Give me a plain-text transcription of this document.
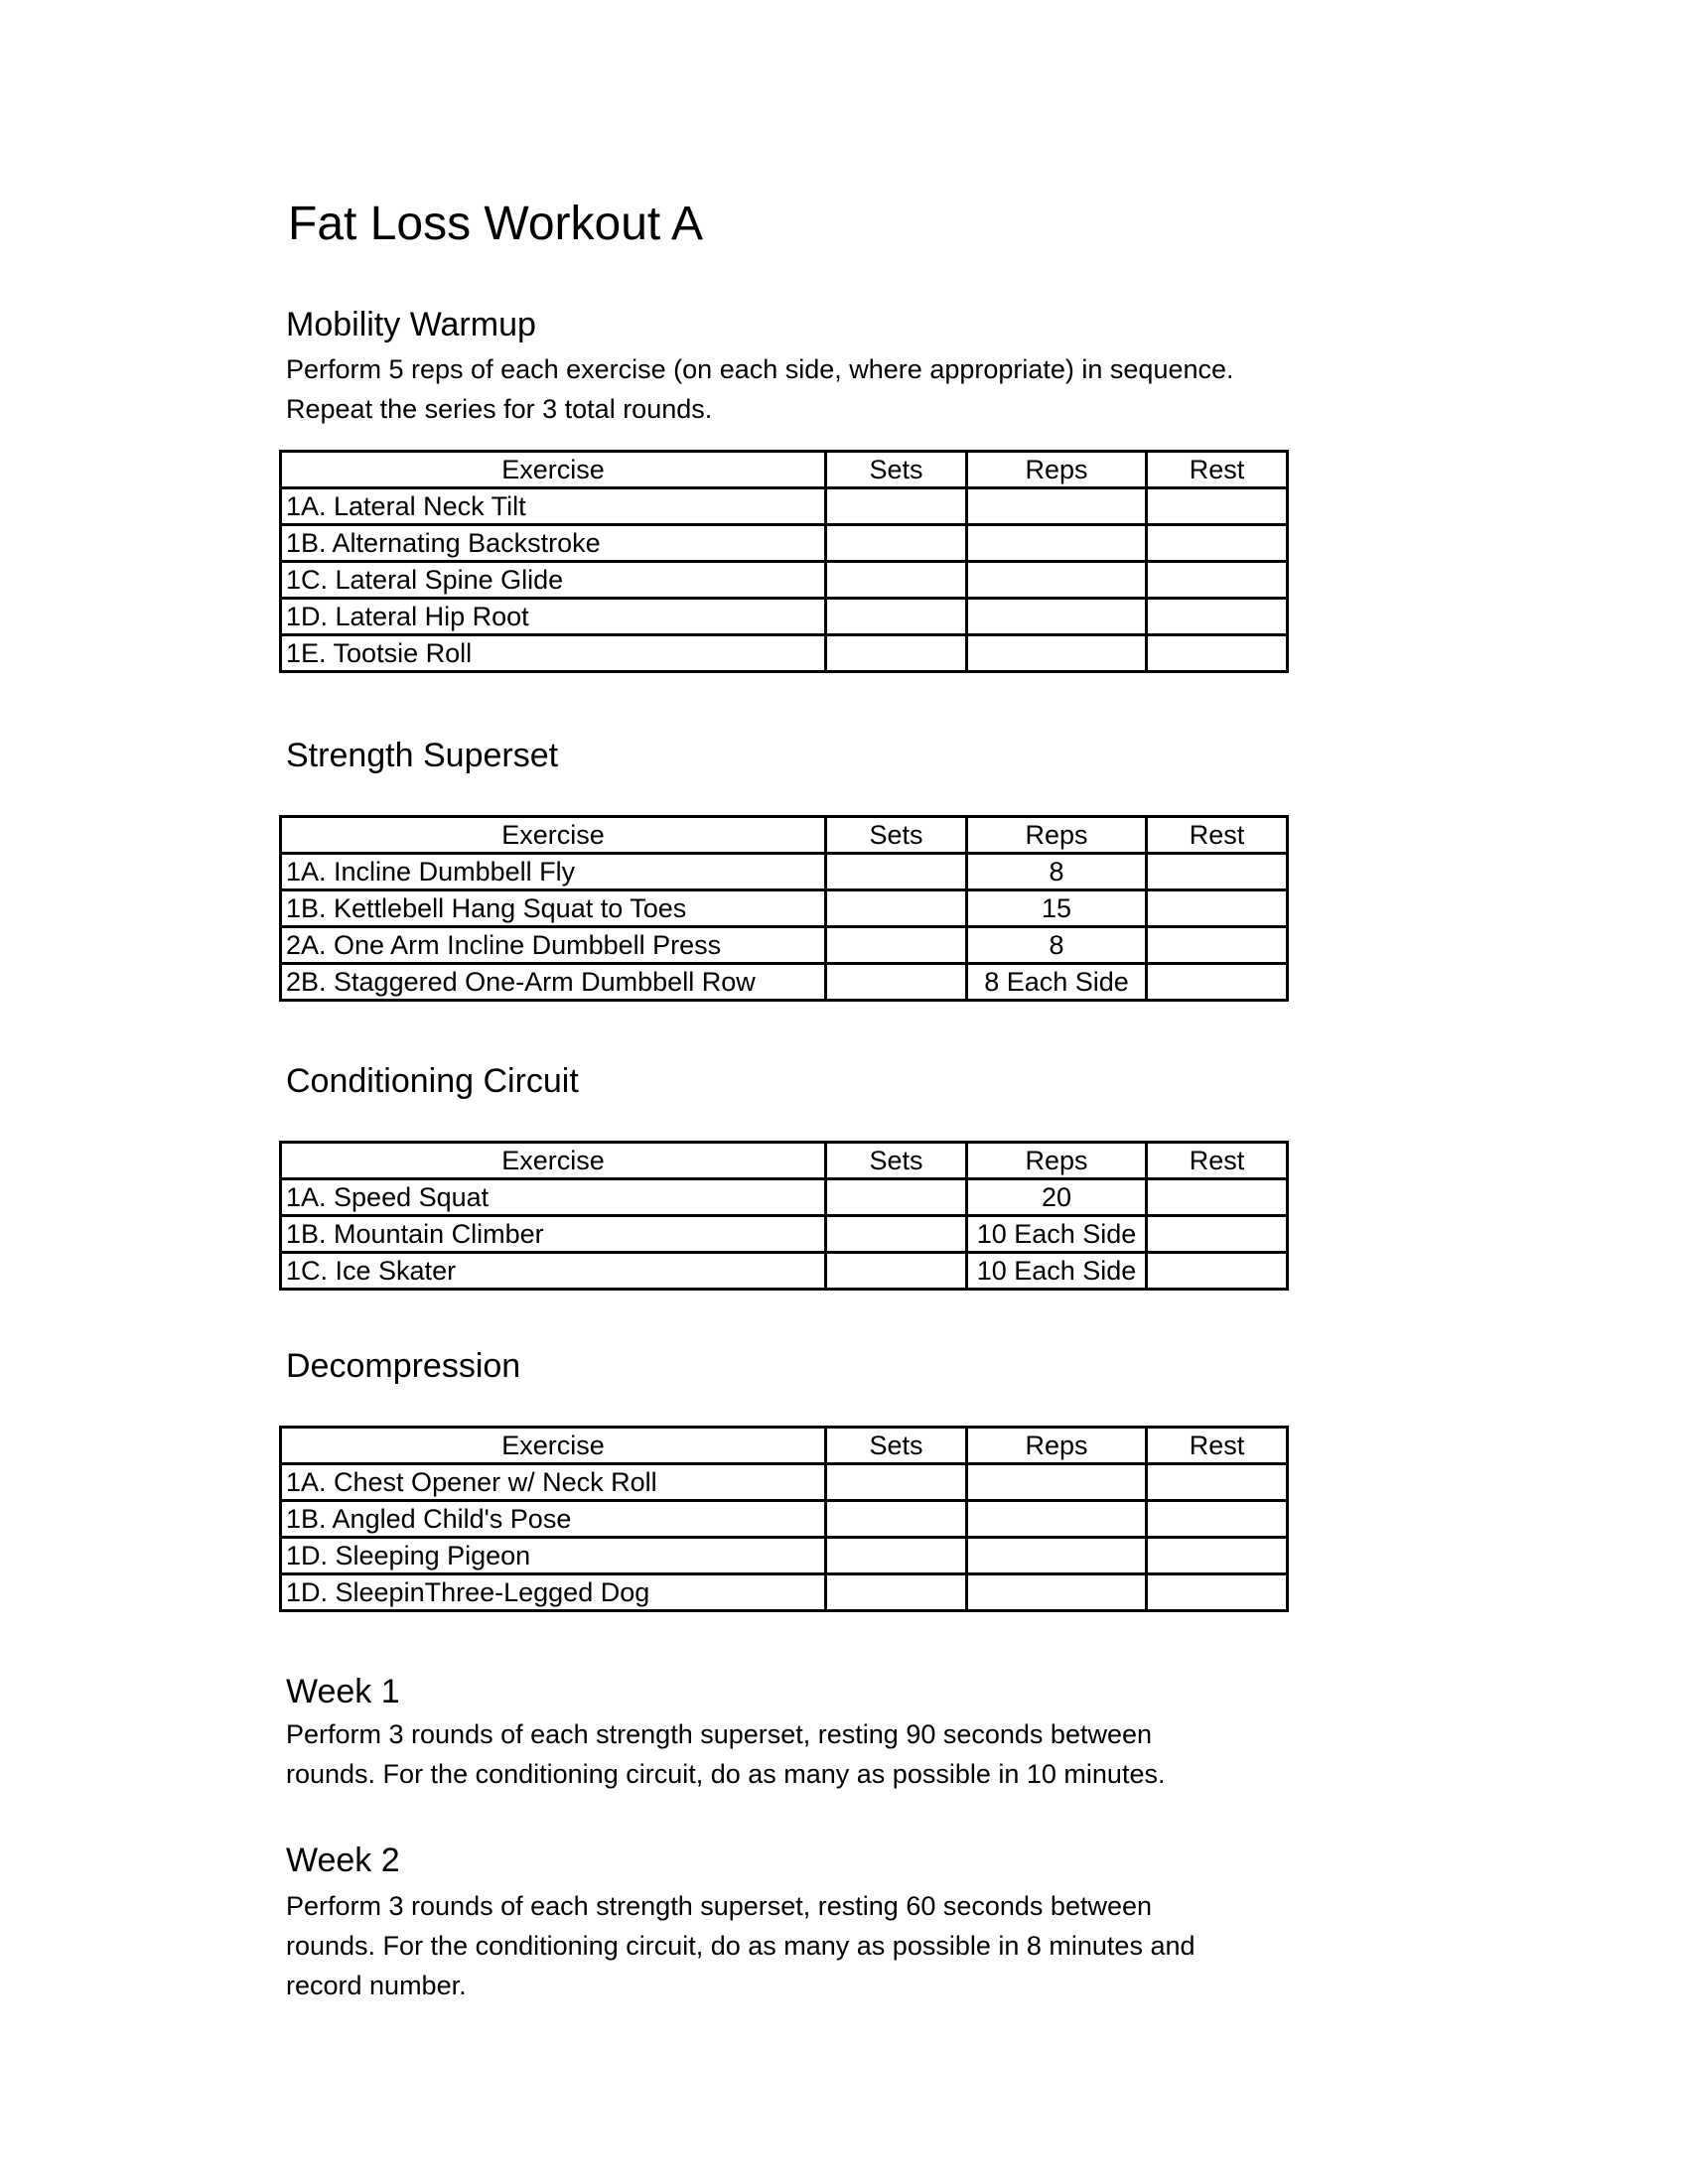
Fat Loss Workout A
Mobility Warmup
Perform 5 reps of each exercise (on each side, where appropriate) in sequence.
Repeat the series for 3 total rounds.
Exercise	Sets	Reps	Rest
1A. Lateral Neck Tilt			
1B. Alternating Backstroke			
1C. Lateral Spine Glide			
1D. Lateral Hip Root			
1E. Tootsie Roll			
Strength Superset
Exercise	Sets	Reps	Rest
1A. Incline Dumbbell Fly		8	
1B. Kettlebell Hang Squat to Toes		15	
2A. One Arm Incline Dumbbell Press		8	
2B. Staggered One-Arm Dumbbell Row		8 Each Side	
Conditioning Circuit
Exercise	Sets	Reps	Rest
1A. Speed Squat		20	
1B. Mountain Climber		10 Each Side	
1C. Ice Skater		10 Each Side	
Decompression
Exercise	Sets	Reps	Rest
1A. Chest Opener w/ Neck Roll			
1B. Angled Child's Pose			
1D. Sleeping Pigeon			
1D. SleepinThree-Legged Dog			
Week 1
Perform 3 rounds of each strength superset, resting 90 seconds between
rounds. For the conditioning circuit, do as many as possible in 10 minutes.
Week 2
Perform 3 rounds of each strength superset, resting 60 seconds between
rounds. For the conditioning circuit, do as many as possible in 8 minutes and
record number.
